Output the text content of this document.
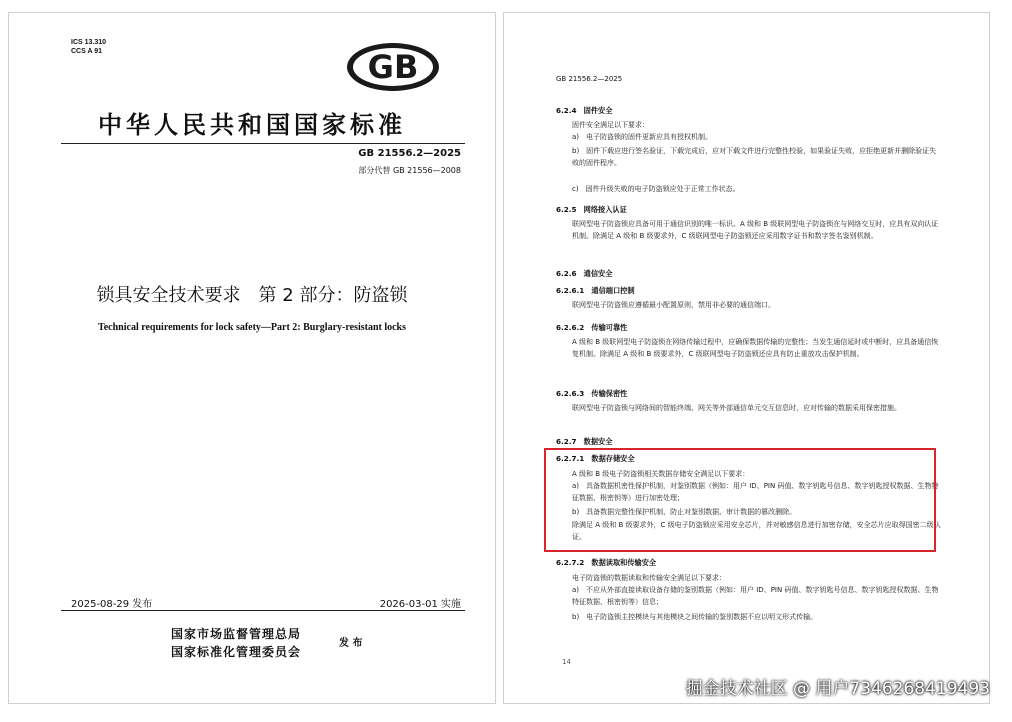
ICS 13.310
CCS A 91	GB
中华人民共和国国家标准
GB 21556.2—2025
部分代替 GB 21556—2008
锁具安全技术要求　第 2 部分：防盗锁
Technical requirements for lock safety—Part 2: Burglary-resistant locks
2025-08-29 发布	2026-03-01 实施
国家市场监督管理总局
国家标准化管理委员会
发 布
GB 21556.2—2025
6.2.4　 固件安全
固件安全满足以下要求：
a)　电子防盗锁的固件更新应具有授权机制。
b)　固件下载应进行签名验证，下载完成后，应对下载文件进行完整性校验，如果验证失败，应拒绝更新并删除验证失败的固件程序。
c)　固件升级失败的电子防盗锁应处于正常工作状态。
6.2.5　 网络接入认证
联网型电子防盗锁应具备可用于通信识别的唯一标识。A 级和 B 级联网型电子防盗锁在与网络交互时，应具有双向认证机制。除满足 A 级和 B 级要求外，C 级联网型电子防盗锁还应采用数字证书和数字签名鉴别机制。
6.2.6　 通信安全
6.2.6.1　 通信端口控制
联网型电子防盗锁应遵循最小配置原则，禁用非必要的通信端口。
6.2.6.2　 传输可靠性
A 级和 B 级联网型电子防盗锁在网络传输过程中，应确保数据传输的完整性；当发生通信延时或中断时，应具备通信恢复机制。除满足 A 级和 B 级要求外，C 级联网型电子防盗锁还应具有防止重放攻击保护机制。
6.2.6.3　 传输保密性
联网型电子防盗锁与网络间的智能终端、网关等外部通信单元交互信息时，应对传输的数据采用保密措施。
6.2.7　 数据安全
6.2.7.1　 数据存储安全
A 级和 B 级电子防盗锁相关数据存储安全满足以下要求：
a)　具备数据机密性保护机制，对鉴别数据（例如：用户 ID、PIN 码值、数字钥匙号信息、数字钥匙授权数据、生物特征数据、根密钥等）进行加密处理；
b)　具备数据完整性保护机制，防止对鉴别数据、审计数据的篡改删除。
除满足 A 级和 B 级要求外，C 级电子防盗锁应采用安全芯片，并对敏感信息进行加密存储，安全芯片应取得国密二级认证。
6.2.7.2　 数据读取和传输安全
电子防盗锁的数据读取和传输安全满足以下要求：
a)　不应从外部直接读取设备存储的鉴别数据（例如：用户 ID、PIN 码值、数字钥匙号信息、数字钥匙授权数据、生物特征数据、根密钥等）信息；
b)　电子防盗锁主控模块与其他模块之间传输的鉴别数据不应以明文形式传输。
14
掘金技术社区 @ 用户7346268419493
